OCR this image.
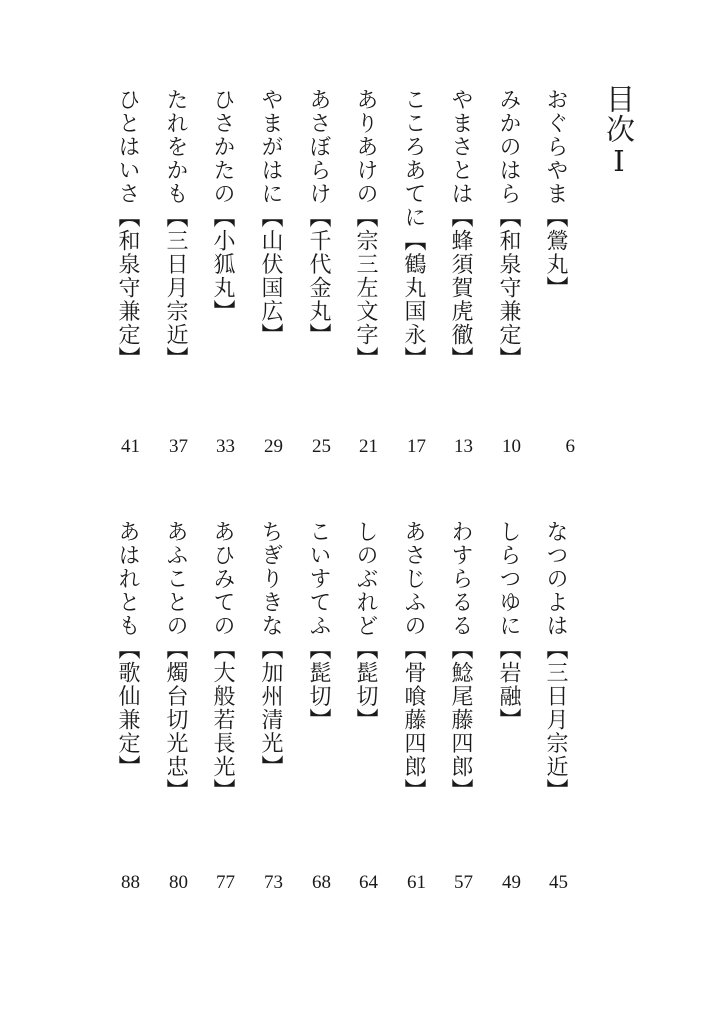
目次Ⅰ
おぐらやま【鶯丸】
6
みかのはら【和泉守兼定】
10
やまさとは【蜂須賀虎徹】
13
こころあてに【鶴丸国永】
17
ありあけの【宗三左文字】
21
あさぼらけ【千代金丸】
25
やまがはに【山伏国広】
29
ひさかたの【小狐丸】
33
たれをかも【三日月宗近】
37
ひとはいさ【和泉守兼定】
41
なつのよは【三日月宗近】
45
しらつゆに【岩融】
49
わすらるる【鯰尾藤四郎】
57
あさじふの【骨喰藤四郎】
61
しのぶれど【髭切】
64
こいすてふ【髭切】
68
ちぎりきな【加州清光】
73
あひみての【大般若長光】
77
あふことの【燭台切光忠】
80
あはれとも【歌仙兼定】
88
